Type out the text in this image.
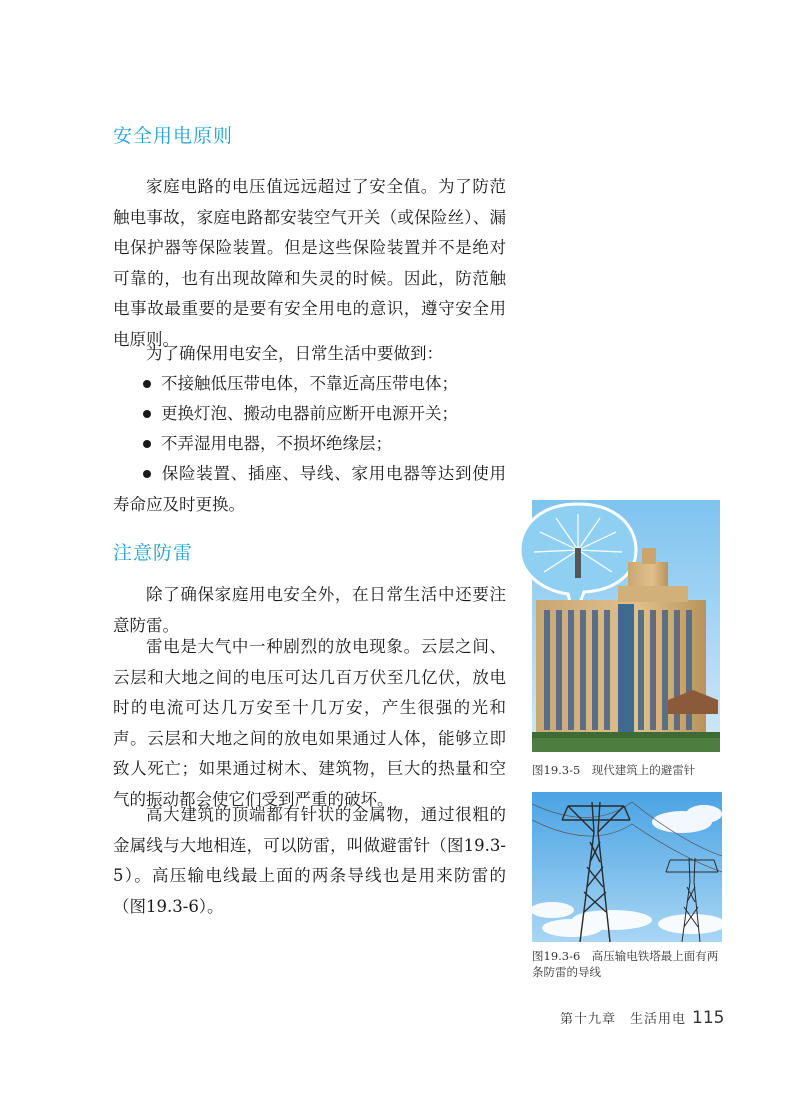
安全用电原则

家庭电路的电压值远远超过了安全值。为了防范触电事故，家庭电路都安装空气开关（或保险丝）、漏电保护器等保险装置。但是这些保险装置并不是绝对可靠的，也有出现故障和失灵的时候。因此，防范触电事故最重要的是要有安全用电的意识，遵守安全用电原则。

为了确保用电安全，日常生活中要做到：

不接触低压带电体，不靠近高压带电体；
更换灯泡、搬动电器前应断开电源开关；
不弄湿用电器，不损坏绝缘层；
保险装置、插座、导线、家用电器等达到使用寿命应及时更换。
注意防雷

除了确保家庭用电安全外，在日常生活中还要注意防雷。

雷电是大气中一种剧烈的放电现象。云层之间、云层和大地之间的电压可达几百万伏至几亿伏，放电时的电流可达几万安至十几万安，产生很强的光和声。云层和大地之间的放电如果通过人体，能够立即致人死亡；如果通过树木、建筑物，巨大的热量和空气的振动都会使它们受到严重的破坏。

高大建筑的顶端都有针状的金属物，通过很粗的金属线与大地相连，可以防雷，叫做避雷针（图19.3-5）。高压输电线最上面的两条导线也是用来防雷的（图19.3-6）。

图19.3-5　现代建筑上的避雷针
图19.3-6　高压输电铁塔最上面有两条防雷的导线
第十九章　生活用电 115
